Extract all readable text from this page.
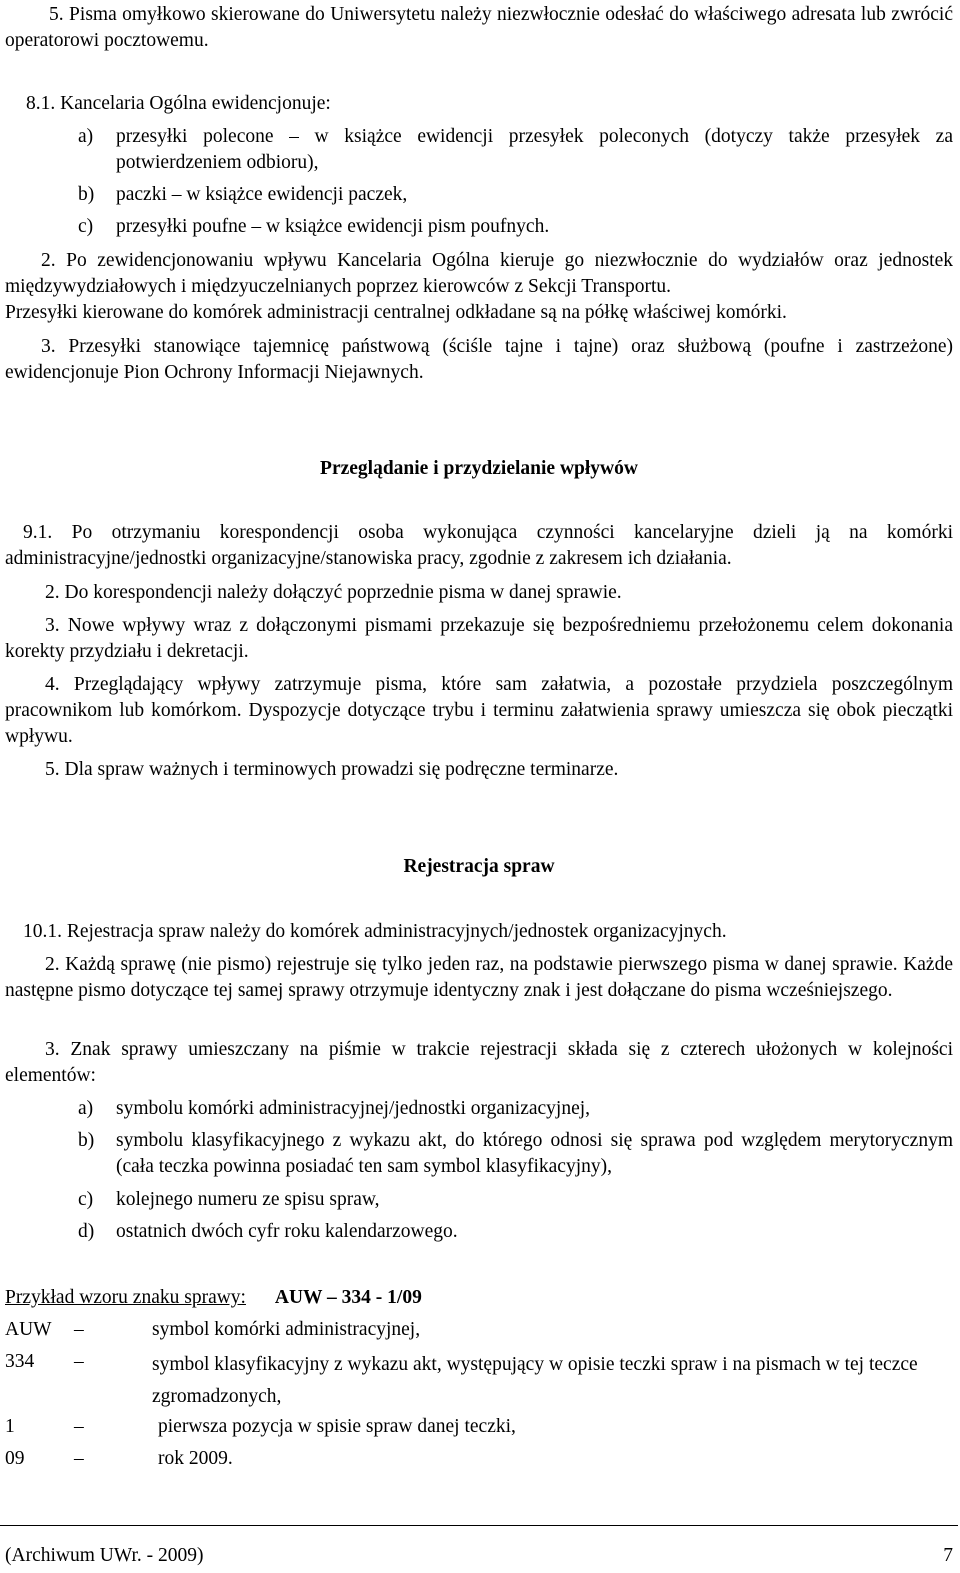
5. Pisma omyłkowo skierowane do Uniwersytetu należy niezwłocznie odesłać do właściwego adresata lub zwrócić operatorowi pocztowemu.
8.1. Kancelaria Ogólna ewidencjonuje:
a) przesyłki polecone – w książce ewidencji przesyłek poleconych (dotyczy także przesyłek za potwierdzeniem odbioru),
b) paczki – w książce ewidencji paczek,
c) przesyłki poufne – w książce ewidencji pism poufnych.
2. Po zewidencjonowaniu wpływu Kancelaria Ogólna kieruje go niezwłocznie do wydziałów oraz jednostek międzywydziałowych i międzyuczelnianych poprzez kierowców z Sekcji Transportu.
Przesyłki kierowane do komórek administracji centralnej odkładane są na półkę właściwej komórki.
3. Przesyłki stanowiące tajemnicę państwową (ściśle tajne i tajne) oraz służbową (poufne i zastrzeżone) ewidencjonuje Pion Ochrony Informacji Niejawnych.
Przeglądanie i przydzielanie wpływów
9.1. Po otrzymaniu korespondencji osoba wykonująca czynności kancelaryjne dzieli ją na komórki administracyjne/jednostki organizacyjne/stanowiska pracy, zgodnie z zakresem ich działania.
2. Do korespondencji należy dołączyć poprzednie pisma w danej sprawie.
3. Nowe wpływy wraz z dołączonymi pismami przekazuje się bezpośredniemu przełożonemu celem dokonania korekty przydziału i dekretacji.
4. Przeglądający wpływy zatrzymuje pisma, które sam załatwia, a pozostałe przydziela poszczególnym pracownikom lub komórkom. Dyspozycje dotyczące trybu i terminu załatwienia sprawy umieszcza się obok pieczątki wpływu.
5. Dla spraw ważnych i terminowych prowadzi się podręczne terminarze.
Rejestracja spraw
10.1. Rejestracja spraw należy do komórek administracyjnych/jednostek organizacyjnych.
2. Każdą sprawę (nie pismo) rejestruje się tylko jeden raz, na podstawie pierwszego pisma w danej sprawie. Każde następne pismo dotyczące tej samej sprawy otrzymuje identyczny znak i jest dołączane do pisma wcześniejszego.
3. Znak sprawy umieszczany na piśmie w trakcie rejestracji składa się z czterech ułożonych w kolejności elementów:
a) symbolu komórki administracyjnej/jednostki organizacyjnej,
b) symbolu klasyfikacyjnego z wykazu akt, do którego odnosi się sprawa pod względem merytorycznym (cała teczka powinna posiadać ten sam symbol klasyfikacyjny),
c) kolejnego numeru ze spisu spraw,
d) ostatnich dwóch cyfr roku kalendarzowego.
Przykład wzoru znaku sprawy: AUW – 334 - 1/09
AUW –	symbol komórki administracyjnej,
334 –	symbol klasyfikacyjny z wykazu akt, występujący w opisie teczki spraw i na pismach w tej teczce zgromadzonych,
1	–	pierwsza pozycja w spisie spraw danej teczki,
09	–	rok 2009.
(Archiwum UWr. - 2009)	7
